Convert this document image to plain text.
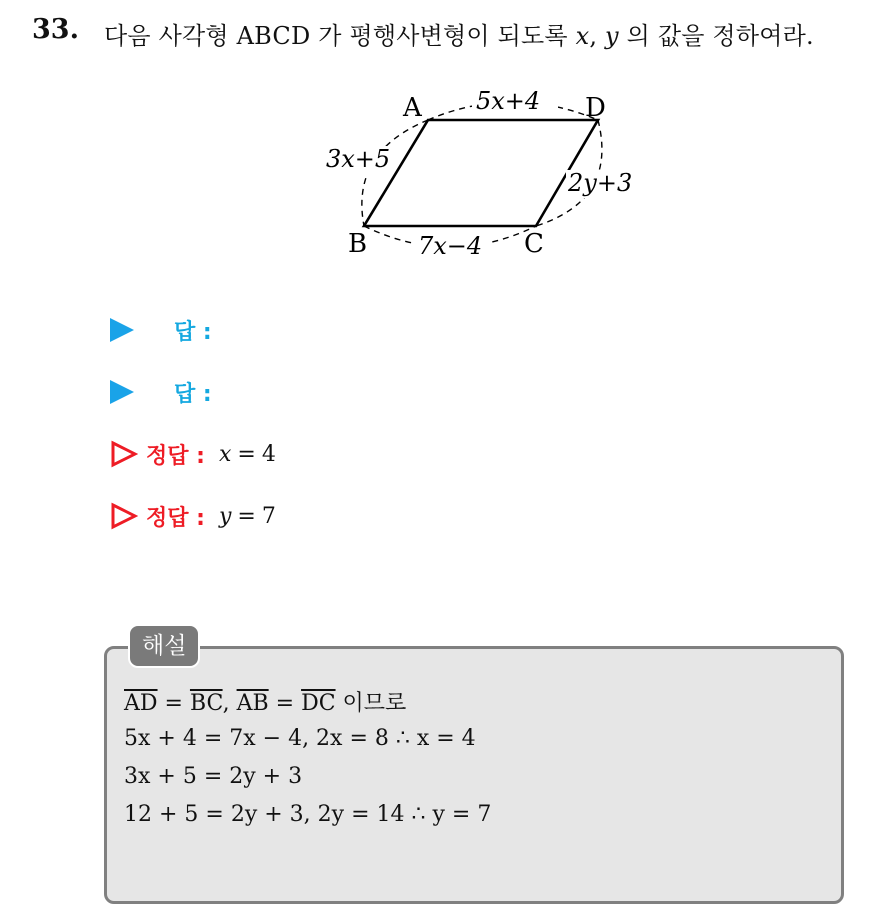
33. 다음 사각형 ABCD 가 평행사변형이 되도록 x, y 의 값을 정하여라.
A	D
B	C
5x+4
3x+5
2y+3
7x−4
답 :
답 :
정답 : x = 4
정답 : y = 7
해설
$\overline{AD} = \overline{BC}$, $\overline{AB} = \overline{DC}$ 이므로
5x + 4 = 7x − 4, 2x = 8 ∴ x = 4
3x + 5 = 2y + 3
12 + 5 = 2y + 3, 2y = 14 ∴ y = 7
